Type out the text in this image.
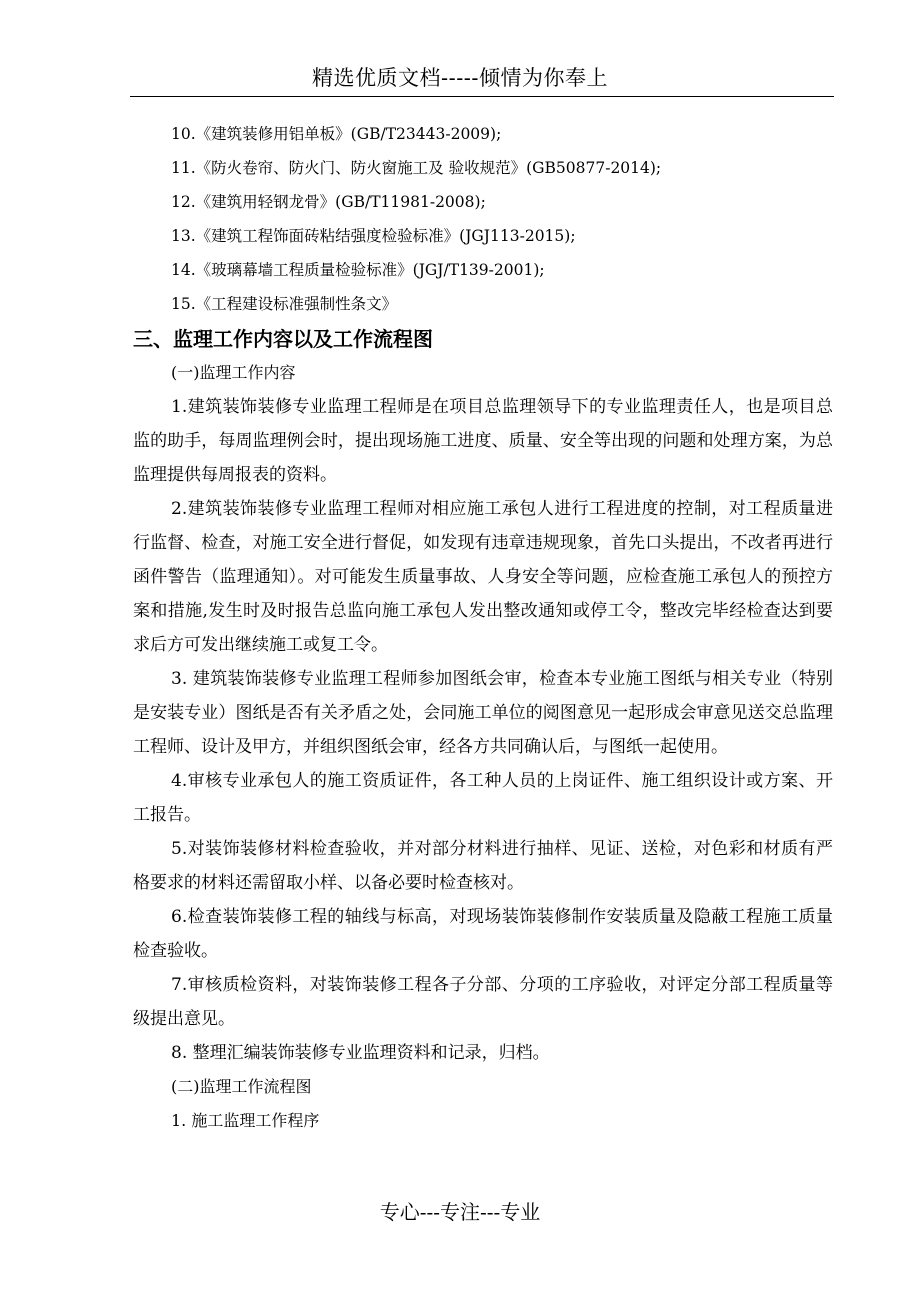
精选优质文档-----倾情为你奉上
10.《建筑装修用铝单板》(GB/T23443-2009);
11.《防火卷帘、防火门、防火窗施工及 验收规范》(GB50877-2014);
12.《建筑用轻钢龙骨》(GB/T11981-2008);
13.《建筑工程饰面砖粘结强度检验标准》(JGJ113-2015);
14.《玻璃幕墙工程质量检验标准》(JGJ/T139-2001);
15.《工程建设标准强制性条文》
三、监理工作内容以及工作流程图
(一)监理工作内容

1.建筑装饰装修专业监理工程师是在项目总监理领导下的专业监理责任人，也是项目总监的助手，每周监理例会时，提出现场施工进度、质量、安全等出现的问题和处理方案，为总监理提供每周报表的资料。

2.建筑装饰装修专业监理工程师对相应施工承包人进行工程进度的控制，对工程质量进行监督、检查，对施工安全进行督促，如发现有违章违规现象，首先口头提出，不改者再进行函件警告（监理通知）。对可能发生质量事故、人身安全等问题，应检查施工承包人的预控方案和措施,发生时及时报告总监向施工承包人发出整改通知或停工令，整改完毕经检查达到要求后方可发出继续施工或复工令。

3. 建筑装饰装修专业监理工程师参加图纸会审，检查本专业施工图纸与相关专业（特别是安装专业）图纸是否有关矛盾之处，会同施工单位的阅图意见一起形成会审意见送交总监理工程师、设计及甲方，并组织图纸会审，经各方共同确认后，与图纸一起使用。

4.审核专业承包人的施工资质证件，各工种人员的上岗证件、施工组织设计或方案、开工报告。

5.对装饰装修材料检查验收，并对部分材料进行抽样、见证、送检，对色彩和材质有严格要求的材料还需留取小样、以备必要时检查核对。

6.检查装饰装修工程的轴线与标高，对现场装饰装修制作安装质量及隐蔽工程施工质量检查验收。

7.审核质检资料，对装饰装修工程各子分部、分项的工序验收，对评定分部工程质量等级提出意见。

8. 整理汇编装饰装修专业监理资料和记录，归档。

(二)监理工作流程图
1. 施工监理工作程序
专心---专注---专业
